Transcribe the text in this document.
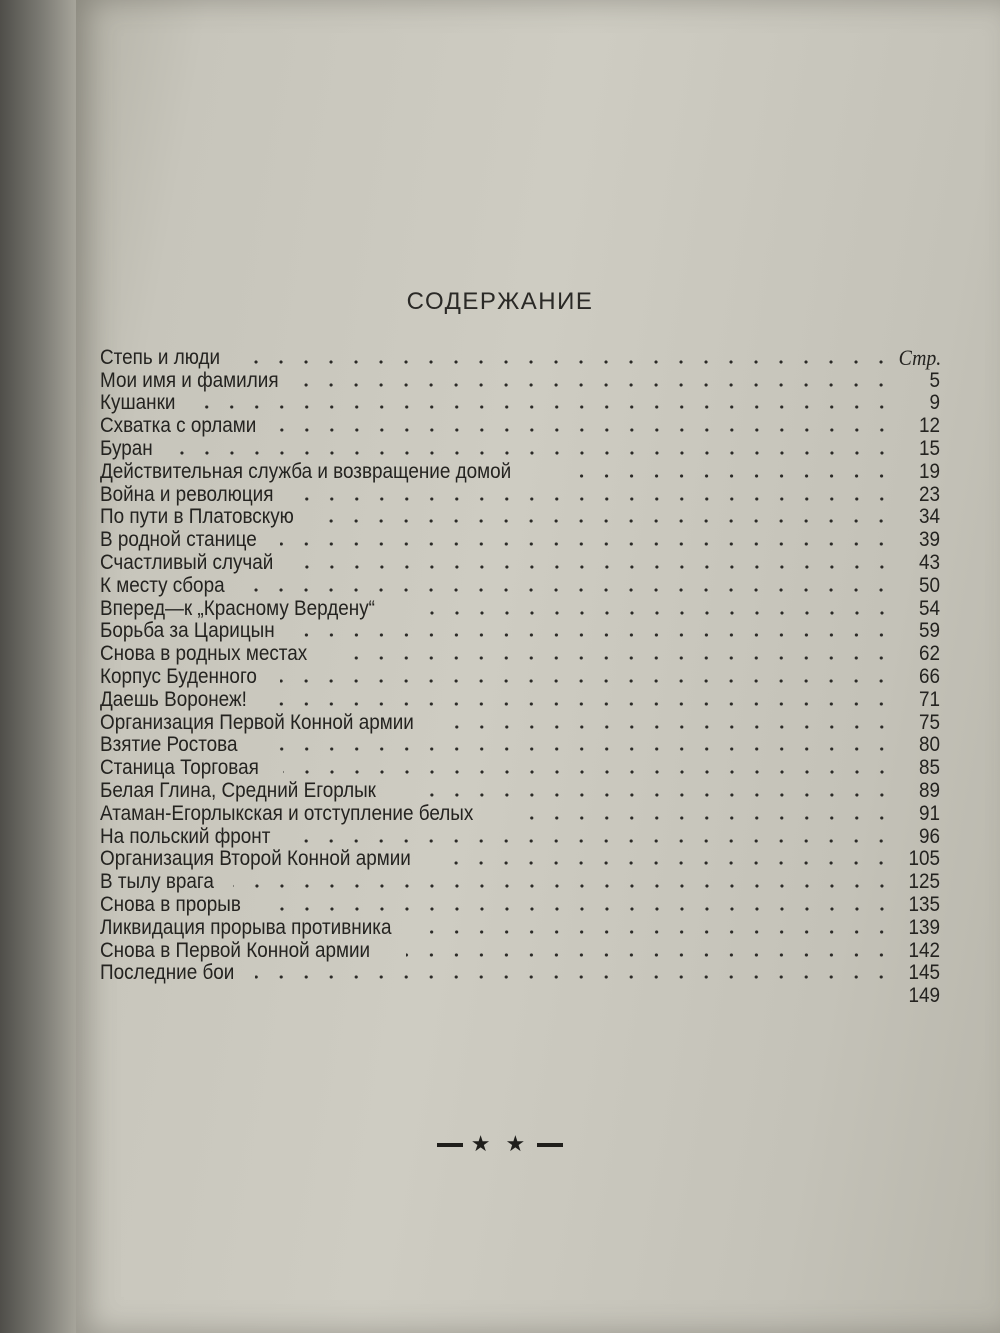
СОДЕРЖАНИЕ
Степь и люди	Стр.
Мои имя и фамилия	5
Кушанки	9
Схватка с орлами	12
Буран	15
Действительная служба и возвращение домой	19
Война и революция	23
По пути в Платовскую	34
В родной станице	39
Счастливый случай	43
К месту сбора	50
Вперед—к „Красному Вердену“	54
Борьба за Царицын	59
Снова в родных местах	62
Корпус Буденного	66
Даешь Воронеж!	71
Организация Первой Конной армии	75
Взятие Ростова	80
Станица Торговая	85
Белая Глина, Средний Егорлык	89
Атаман-Егорлыкская и отступление белых	91
На польский фронт	96
Организация Второй Конной армии	105
В тылу врага	125
Снова в прорыв	135
Ликвидация прорыва противника	139
Снова в Первой Конной армии	142
Последние бои	145
149
★ ★
